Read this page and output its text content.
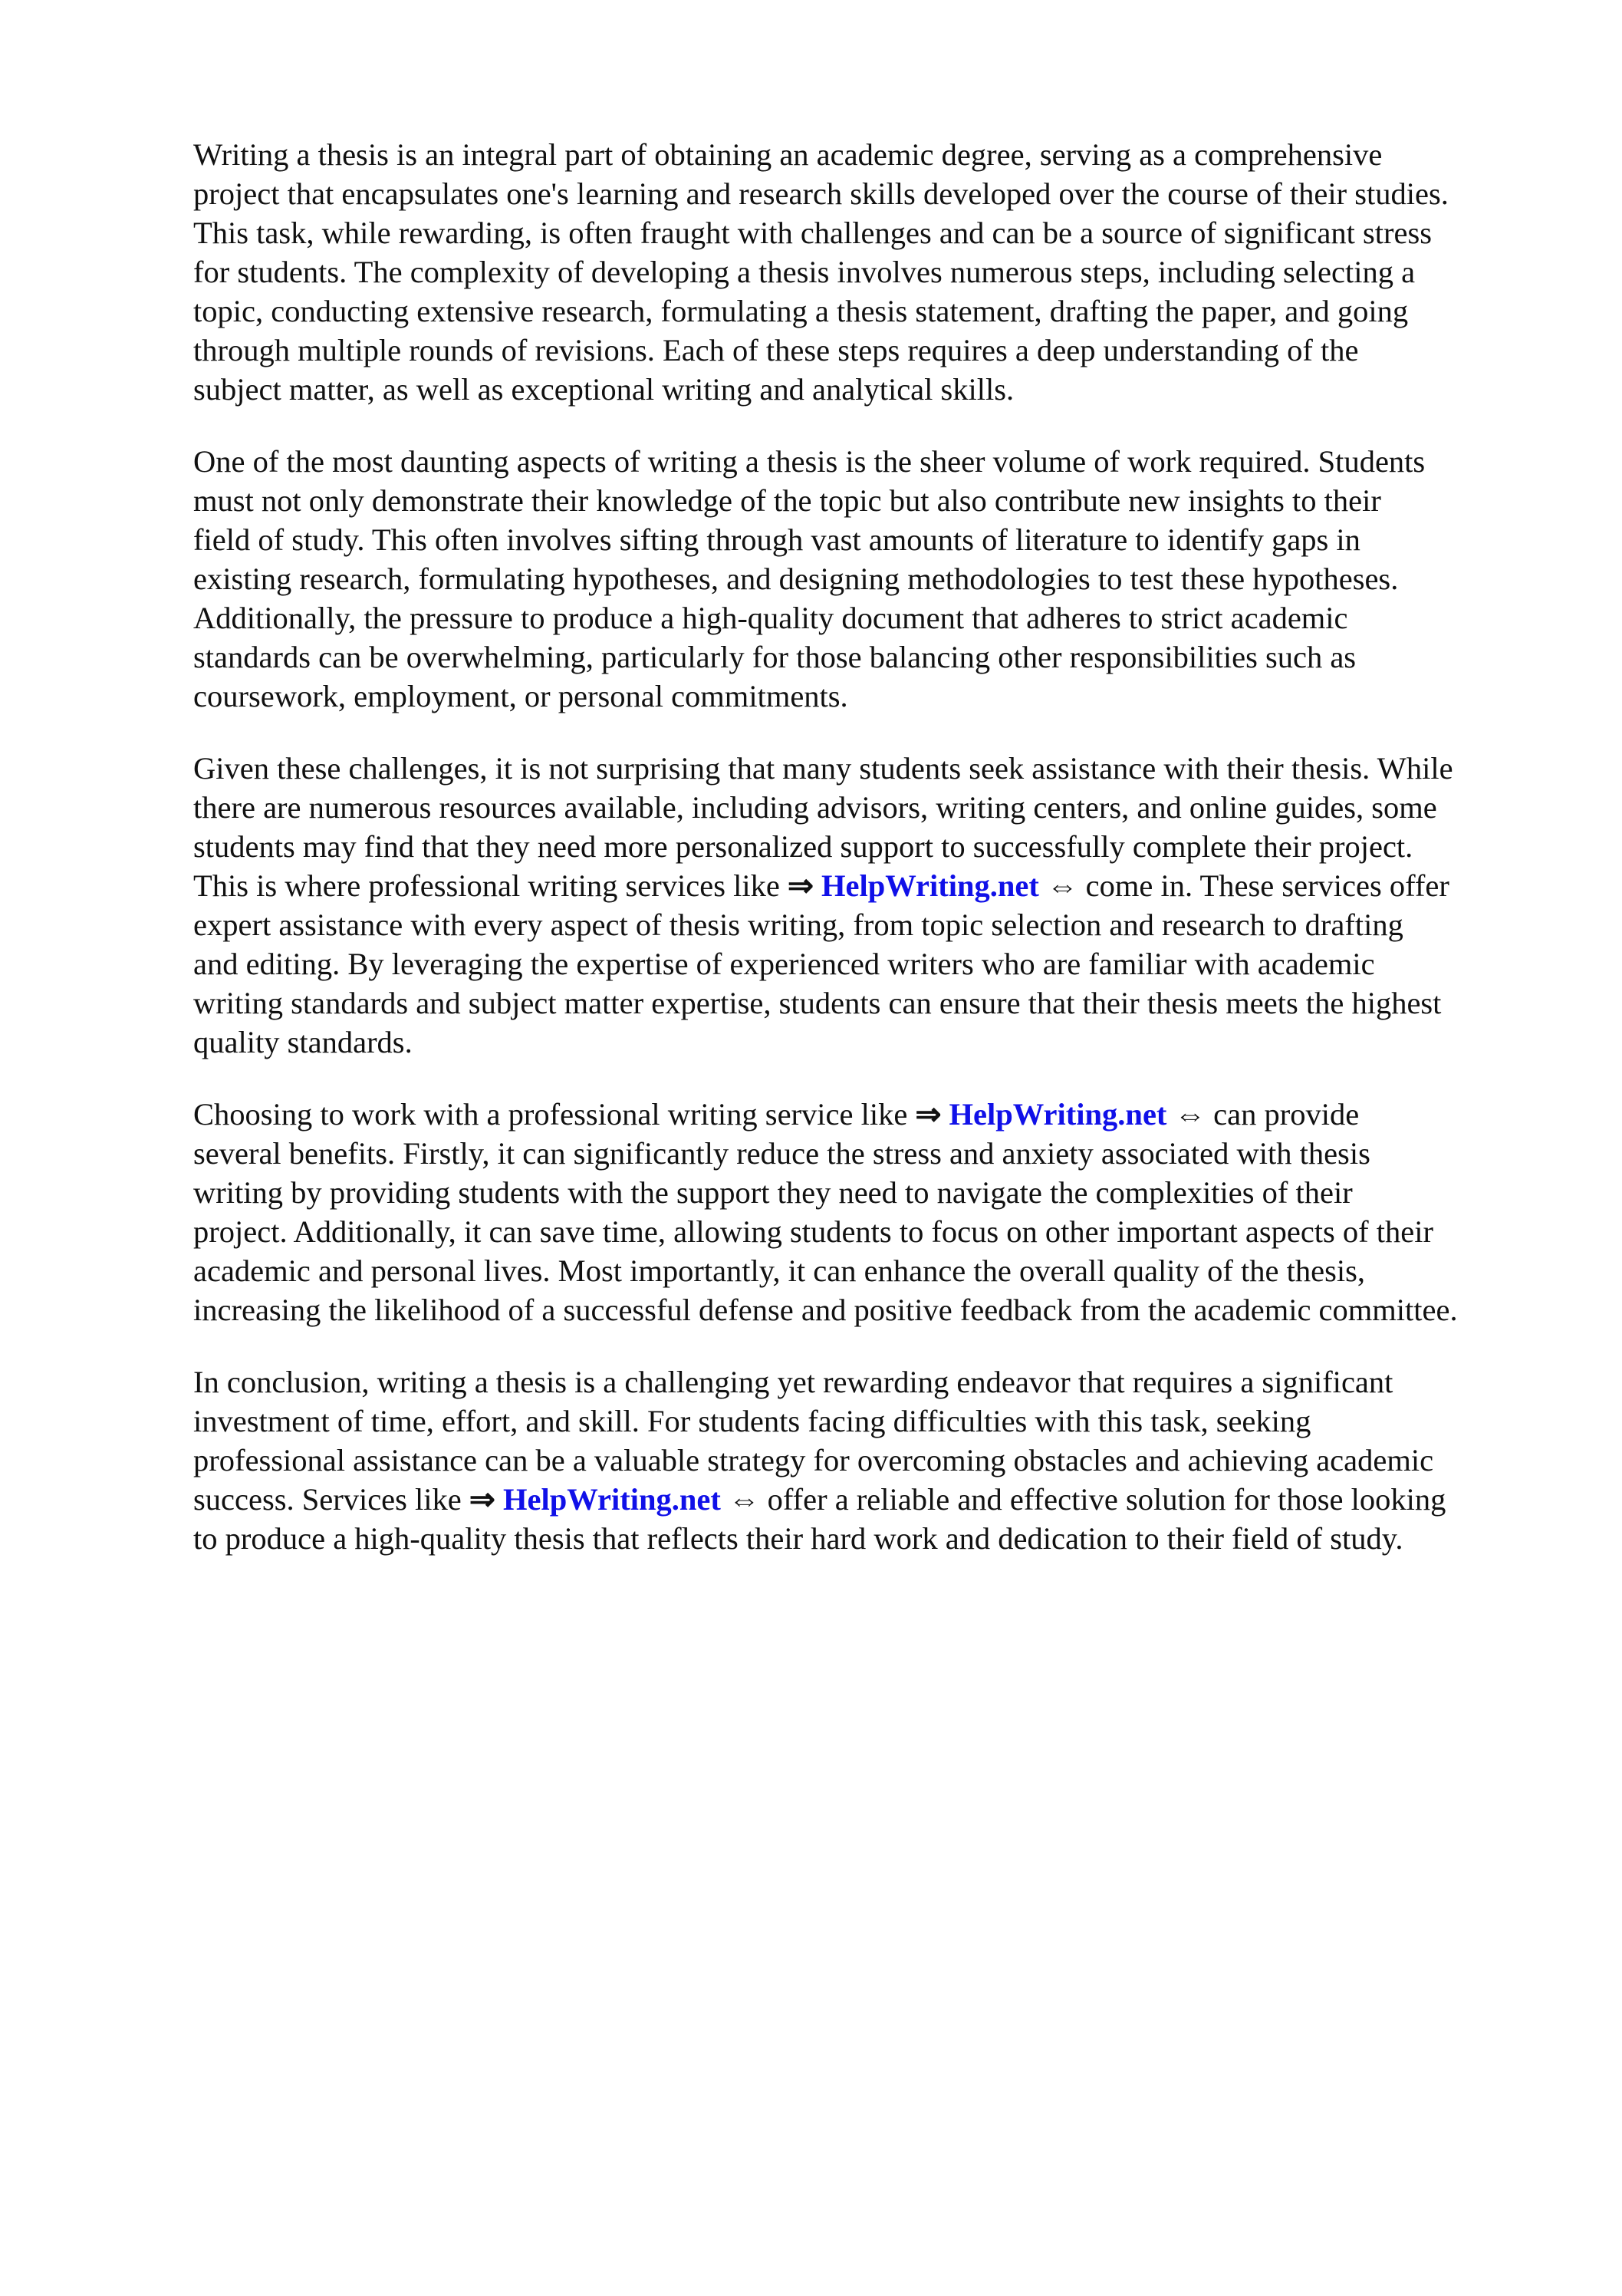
Writing a thesis is an integral part of obtaining an academic degree, serving as a comprehensive
project that encapsulates one's learning and research skills developed over the course of their studies.
This task, while rewarding, is often fraught with challenges and can be a source of significant stress
for students. The complexity of developing a thesis involves numerous steps, including selecting a
topic, conducting extensive research, formulating a thesis statement, drafting the paper, and going
through multiple rounds of revisions. Each of these steps requires a deep understanding of the
subject matter, as well as exceptional writing and analytical skills.
One of the most daunting aspects of writing a thesis is the sheer volume of work required. Students
must not only demonstrate their knowledge of the topic but also contribute new insights to their
field of study. This often involves sifting through vast amounts of literature to identify gaps in
existing research, formulating hypotheses, and designing methodologies to test these hypotheses.
Additionally, the pressure to produce a high-quality document that adheres to strict academic
standards can be overwhelming, particularly for those balancing other responsibilities such as
coursework, employment, or personal commitments.
Given these challenges, it is not surprising that many students seek assistance with their thesis. While
there are numerous resources available, including advisors, writing centers, and online guides, some
students may find that they need more personalized support to successfully complete their project.
This is where professional writing services like ⇒ HelpWriting.net ⇔ come in. These services offer
expert assistance with every aspect of thesis writing, from topic selection and research to drafting
and editing. By leveraging the expertise of experienced writers who are familiar with academic
writing standards and subject matter expertise, students can ensure that their thesis meets the highest
quality standards.
Choosing to work with a professional writing service like ⇒ HelpWriting.net ⇔ can provide
several benefits. Firstly, it can significantly reduce the stress and anxiety associated with thesis
writing by providing students with the support they need to navigate the complexities of their
project. Additionally, it can save time, allowing students to focus on other important aspects of their
academic and personal lives. Most importantly, it can enhance the overall quality of the thesis,
increasing the likelihood of a successful defense and positive feedback from the academic committee.
In conclusion, writing a thesis is a challenging yet rewarding endeavor that requires a significant
investment of time, effort, and skill. For students facing difficulties with this task, seeking
professional assistance can be a valuable strategy for overcoming obstacles and achieving academic
success. Services like ⇒ HelpWriting.net ⇔ offer a reliable and effective solution for those looking
to produce a high-quality thesis that reflects their hard work and dedication to their field of study.
